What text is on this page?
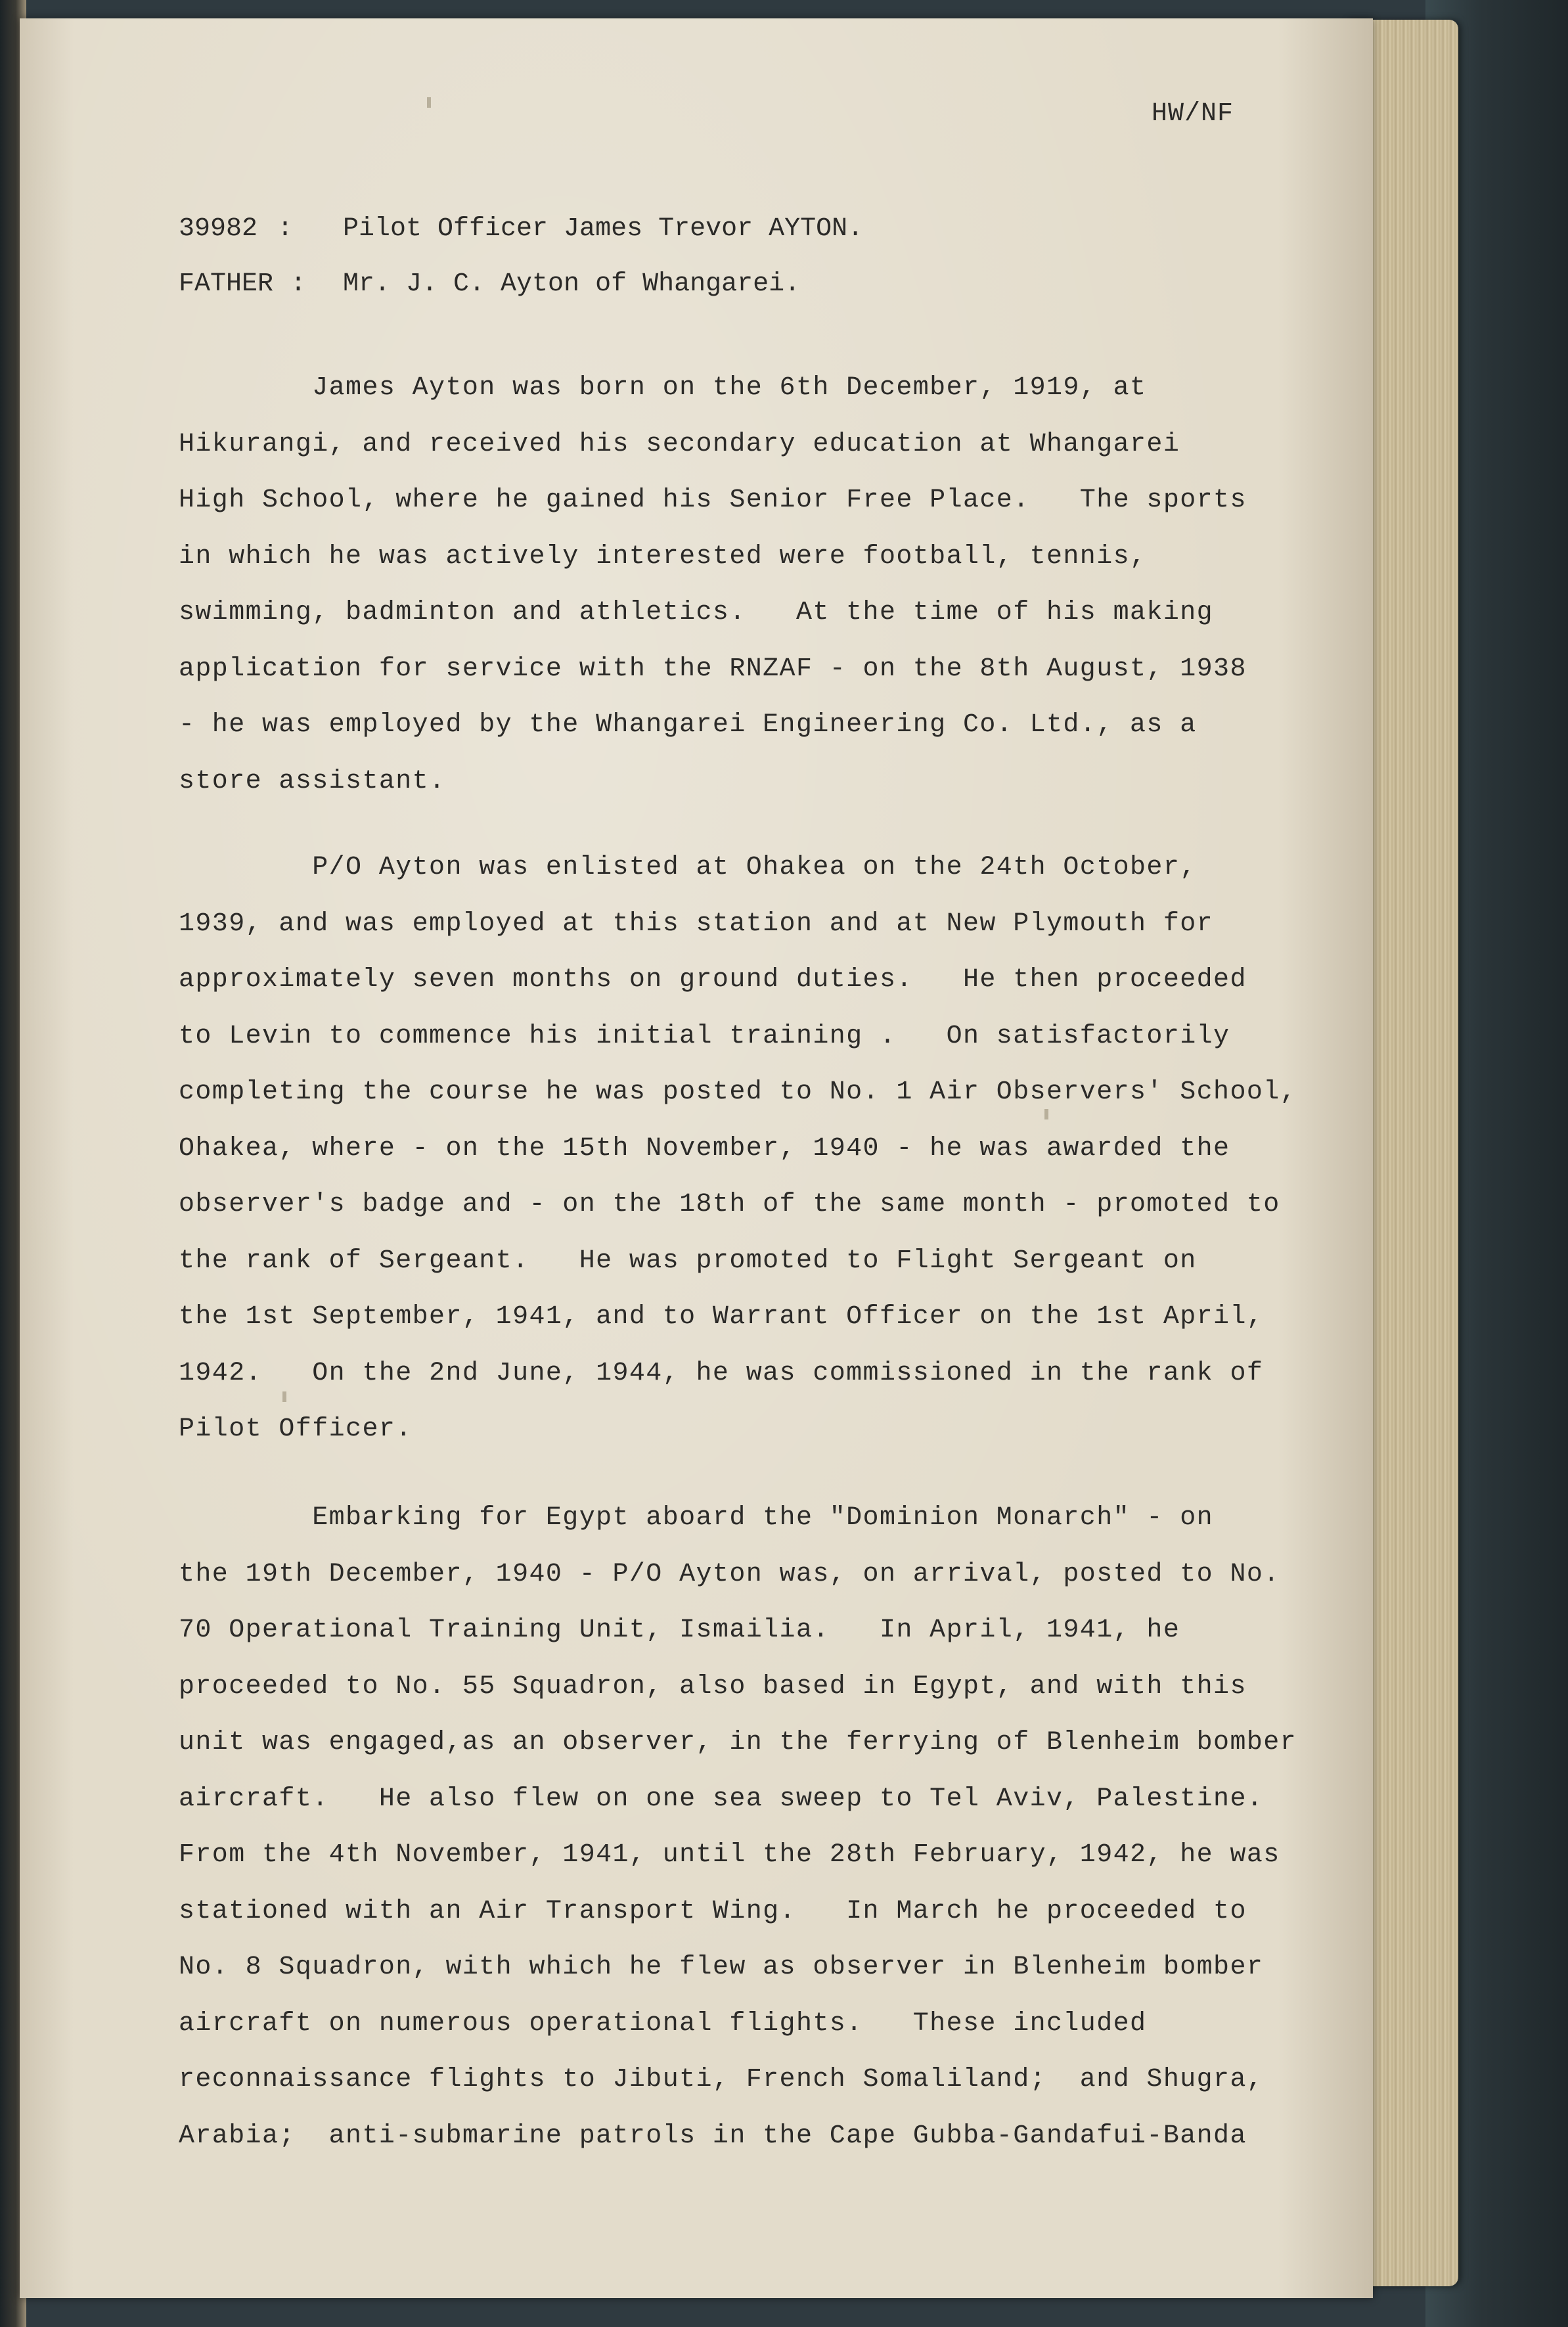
HW/NF
39982 : Pilot Officer James Trevor AYTON.
FATHER : Mr. J. C. Ayton of Whangarei.
James Ayton was born on the 6th December, 1919, at
Hikurangi, and received his secondary education at Whangarei
High School, where he gained his Senior Free Place.   The sports
in which he was actively interested were football, tennis,
swimming, badminton and athletics.   At the time of his making
application for service with the RNZAF - on the 8th August, 1938
- he was employed by the Whangarei Engineering Co. Ltd., as a
store assistant.
P/O Ayton was enlisted at Ohakea on the 24th October,
1939, and was employed at this station and at New Plymouth for
approximately seven months on ground duties.   He then proceeded
to Levin to commence his initial training .   On satisfactorily
completing the course he was posted to No. 1 Air Observers' School,
Ohakea, where - on the 15th November, 1940 - he was awarded the
observer's badge and - on the 18th of the same month - promoted to
the rank of Sergeant.   He was promoted to Flight Sergeant on
the 1st September, 1941, and to Warrant Officer on the 1st April,
1942.   On the 2nd June, 1944, he was commissioned in the rank of
Pilot Officer.
Embarking for Egypt aboard the "Dominion Monarch" - on
the 19th December, 1940 - P/O Ayton was, on arrival, posted to No.
70 Operational Training Unit, Ismailia.   In April, 1941, he
proceeded to No. 55 Squadron, also based in Egypt, and with this
unit was engaged,as an observer, in the ferrying of Blenheim bomber
aircraft.   He also flew on one sea sweep to Tel Aviv, Palestine.
From the 4th November, 1941, until the 28th February, 1942, he was
stationed with an Air Transport Wing.   In March he proceeded to
No. 8 Squadron, with which he flew as observer in Blenheim bomber
aircraft on numerous operational flights.   These included
reconnaissance flights to Jibuti, French Somaliland;  and Shugra,
Arabia;  anti-submarine patrols in the Cape Gubba-Gandafui-Banda
